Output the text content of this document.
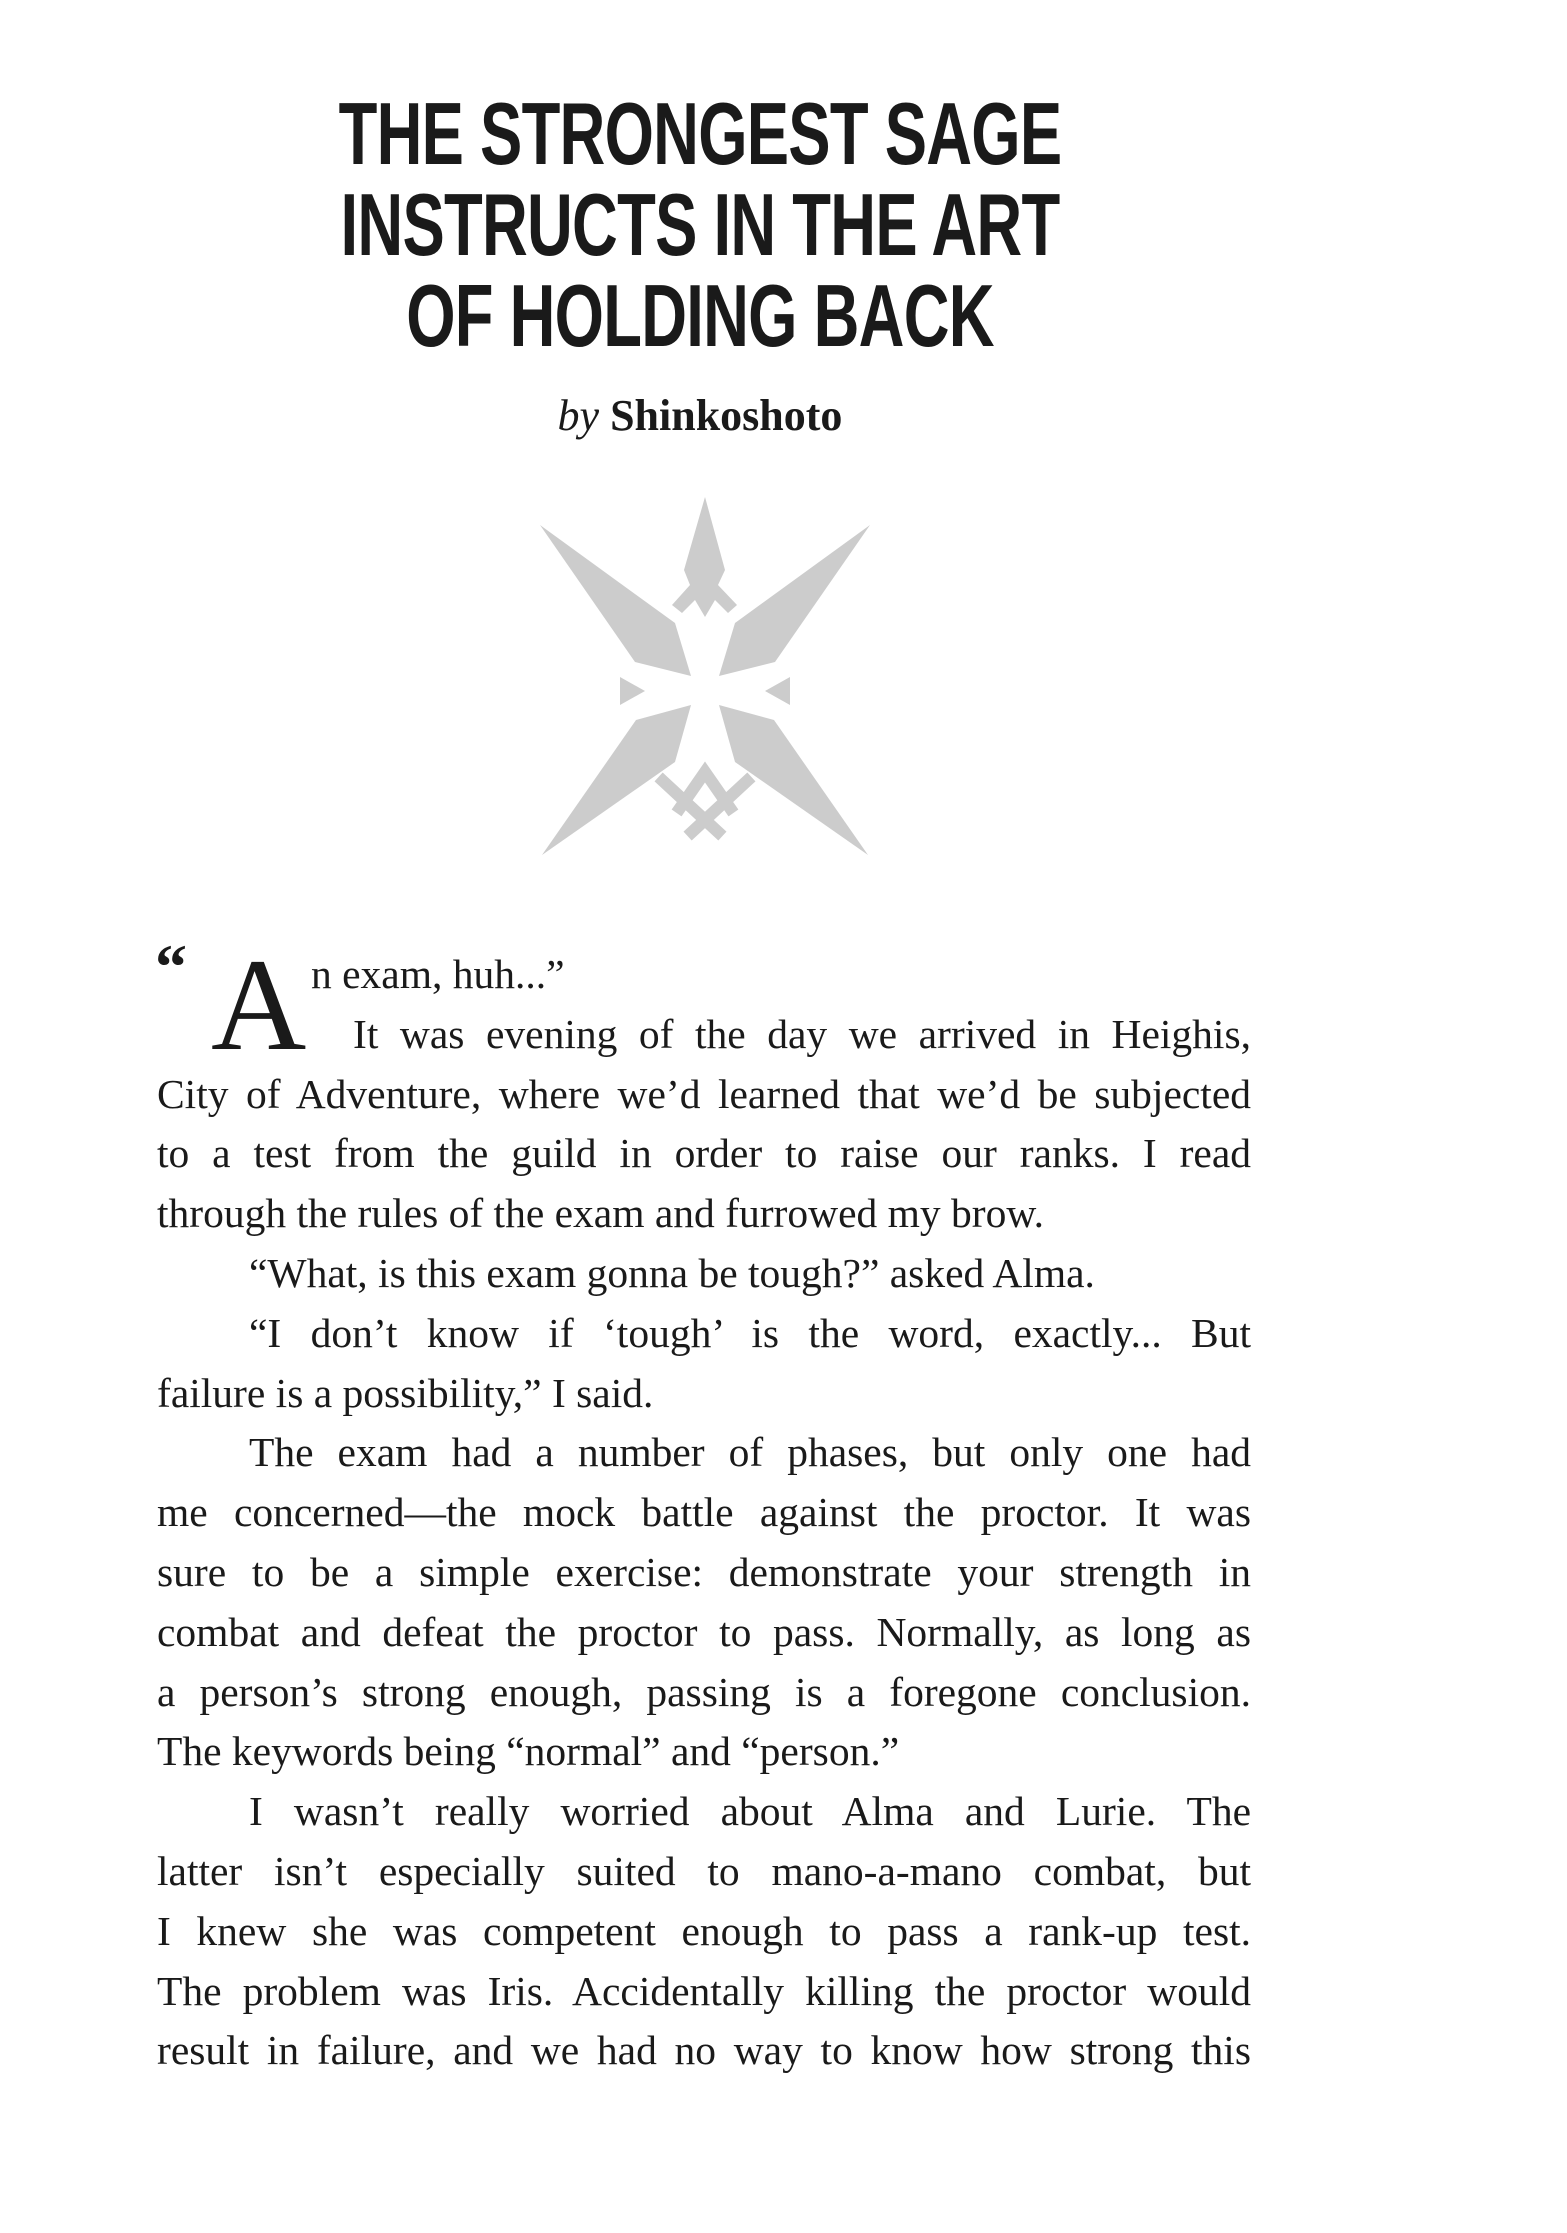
THE STRONGEST SAGE
INSTRUCTS IN THE ART
OF HOLDING BACK
by Shinkoshoto
“ A n exam, huh...”
It was evening of the day we arrived in Heighis,
City of Adventure, where we’d learned that we’d be subjected
to a test from the guild in order to raise our ranks. I read
through the rules of the exam and furrowed my brow.
“What, is this exam gonna be tough?” asked Alma.
“I don’t know if ‘tough’ is the word, exactly... But
failure is a possibility,” I said.
The exam had a number of phases, but only one had
me concerned—the mock battle against the proctor. It was
sure to be a simple exercise: demonstrate your strength in
combat and defeat the proctor to pass. Normally, as long as
a person’s strong enough, passing is a foregone conclusion.
The keywords being “normal” and “person.”
I wasn’t really worried about Alma and Lurie. The
latter isn’t especially suited to mano-a-mano combat, but
I knew she was competent enough to pass a rank-up test.
The problem was Iris. Accidentally killing the proctor would
result in failure, and we had no way to know how strong this
